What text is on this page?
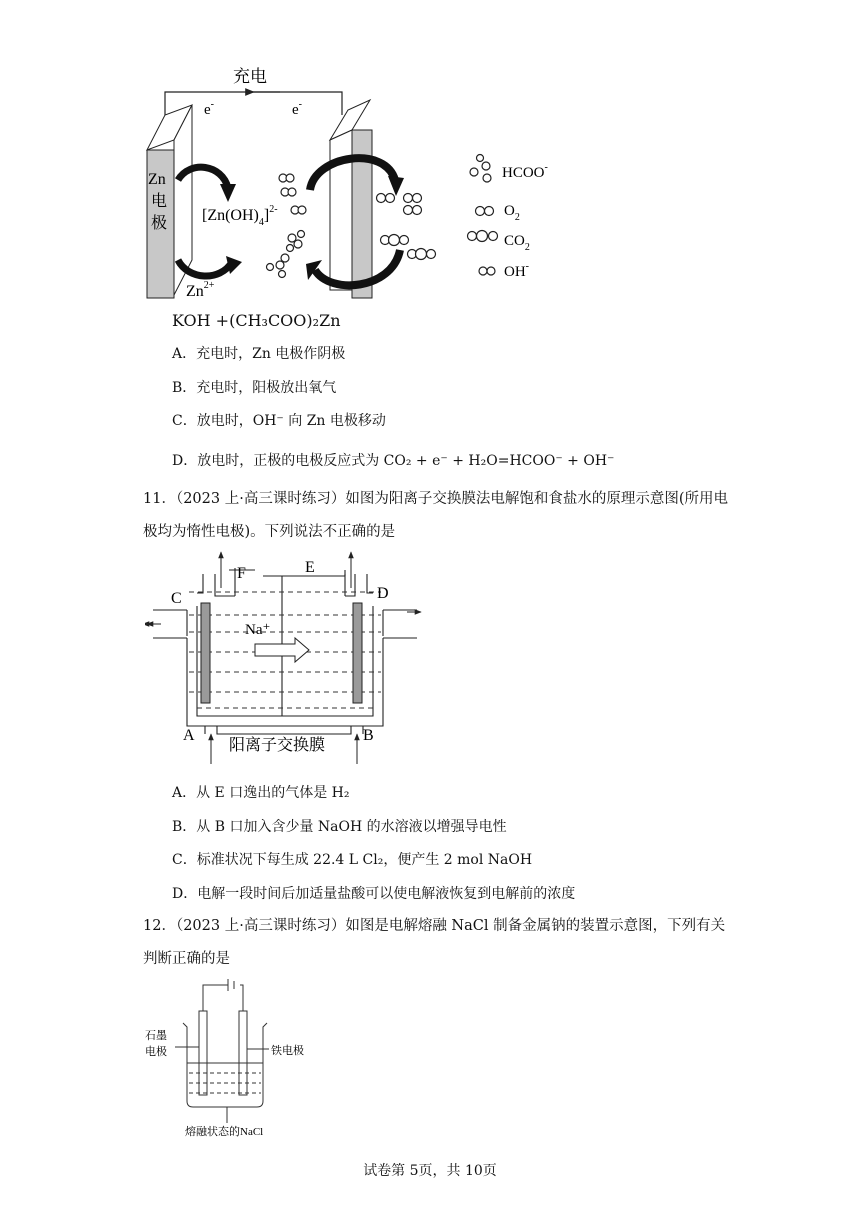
充电
e-	e-
Zn
电
极 $[Zn(OH)_4]^{2-}$
$Zn^{2+}$
HCOO-
$O_2$
$CO_2$
OH-
KOH +(CH₃COO)₂Zn
A．充电时，Zn 电极作阴极
B．充电时，阳极放出氧气
C．放电时，OH⁻ 向 Zn 电极移动
D．放电时，正极的电极反应式为 CO₂ + e⁻ + H₂O=HCOO⁻ + OH⁻
11．（2023 上·高三课时练习）如图为阳离子交换膜法电解饱和食盐水的原理示意图(所用电极均为惰性电极)。下列说法不正确的是
C	D
F	E
Na⁺
A	B
阳离子交换膜
A．从 E 口逸出的气体是 H₂
B．从 B 口加入含少量 NaOH 的水溶液以增强导电性
C．标准状况下每生成 22.4 L Cl₂，便产生 2 mol NaOH
D．电解一段时间后加适量盐酸可以使电解液恢复到电解前的浓度
12．（2023 上·高三课时练习）如图是电解熔融 NaCl 制备金属钠的装置示意图，下列有关判断正确的是
石墨
电极	铁电极
熔融状态的NaCl
试卷第 5页，共 10页
